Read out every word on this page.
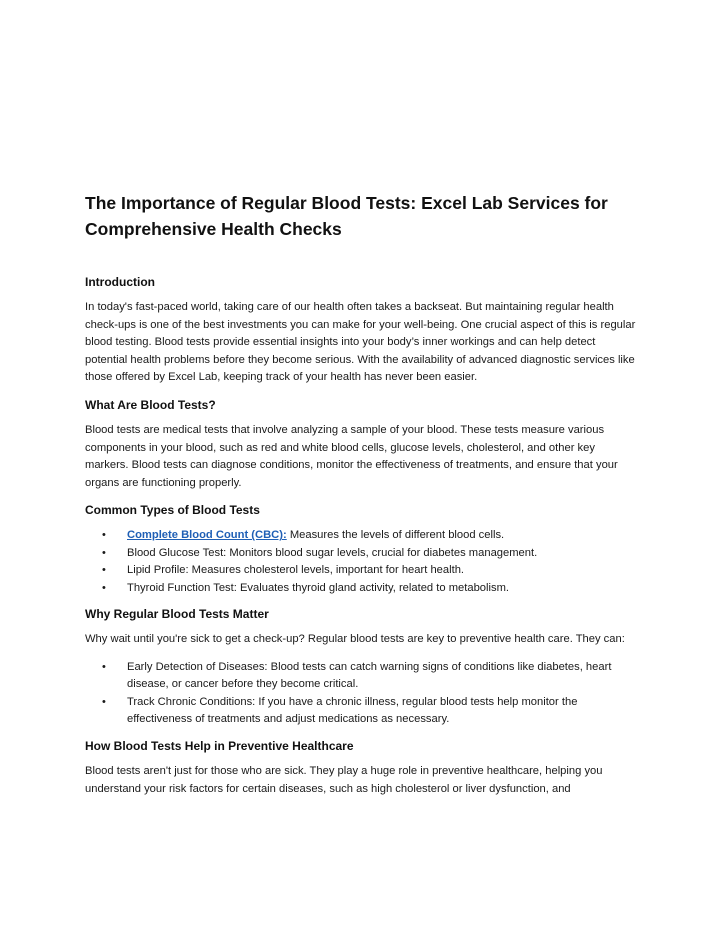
The Importance of Regular Blood Tests: Excel Lab Services for Comprehensive Health Checks
Introduction

In today's fast-paced world, taking care of our health often takes a backseat. But maintaining regular health check-ups is one of the best investments you can make for your well-being. One crucial aspect of this is regular blood testing. Blood tests provide essential insights into your body’s inner workings and can help detect potential health problems before they become serious. With the availability of advanced diagnostic services like those offered by Excel Lab, keeping track of your health has never been easier.

What Are Blood Tests?

Blood tests are medical tests that involve analyzing a sample of your blood. These tests measure various components in your blood, such as red and white blood cells, glucose levels, cholesterol, and other key markers. Blood tests can diagnose conditions, monitor the effectiveness of treatments, and ensure that your organs are functioning properly.

Common Types of Blood Tests
• Complete Blood Count (CBC): Measures the levels of different blood cells.
• Blood Glucose Test: Monitors blood sugar levels, crucial for diabetes management.
• Lipid Profile: Measures cholesterol levels, important for heart health.
• Thyroid Function Test: Evaluates thyroid gland activity, related to metabolism.
Why Regular Blood Tests Matter

Why wait until you're sick to get a check-up? Regular blood tests are key to preventive health care. They can:

• Early Detection of Diseases: Blood tests can catch warning signs of conditions like diabetes, heart disease, or cancer before they become critical.
• Track Chronic Conditions: If you have a chronic illness, regular blood tests help monitor the effectiveness of treatments and adjust medications as necessary.
How Blood Tests Help in Preventive Healthcare

Blood tests aren't just for those who are sick. They play a huge role in preventive healthcare, helping you understand your risk factors for certain diseases, such as high cholesterol or liver dysfunction, and
